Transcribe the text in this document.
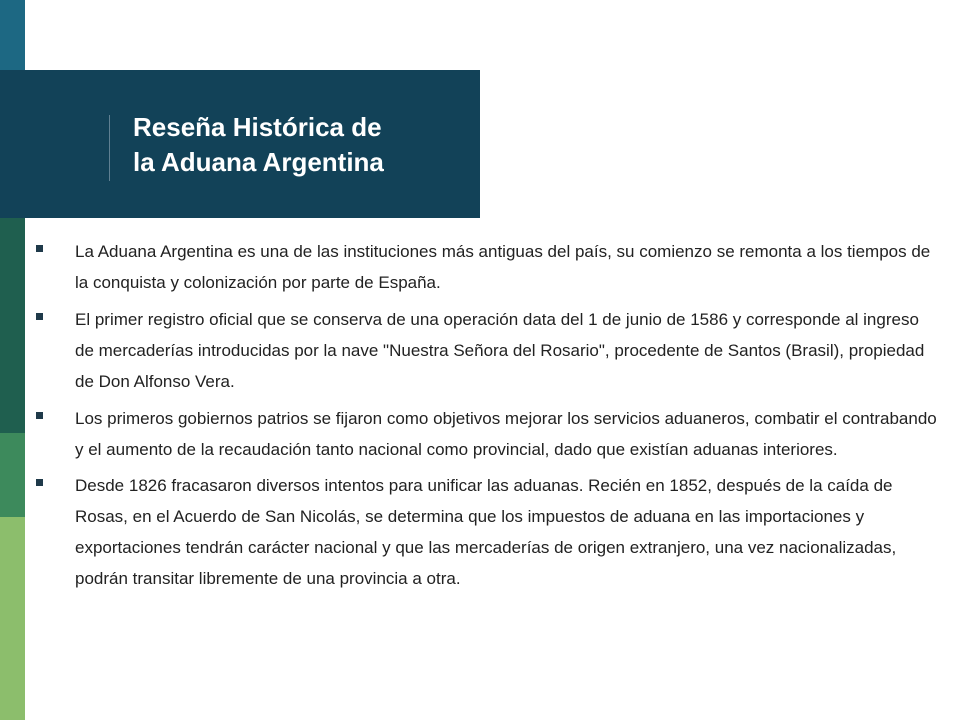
Reseña Histórica de
la Aduana Argentina
La Aduana Argentina es una de las instituciones más antiguas del país, su comienzo se remonta a los tiempos de la conquista y colonización por parte de España.
El primer registro oficial que se conserva de una operación data del 1 de junio de 1586 y corresponde al ingreso de mercaderías introducidas por la nave "Nuestra Señora del Rosario", procedente de Santos (Brasil), propiedad de Don Alfonso Vera.
Los primeros gobiernos patrios se fijaron como objetivos mejorar los servicios aduaneros, combatir el contrabando y el aumento de la recaudación tanto nacional como provincial, dado que existían aduanas interiores.
Desde 1826 fracasaron diversos intentos para unificar las aduanas. Recién en 1852, después de la caída de Rosas, en el Acuerdo de San Nicolás, se determina que los impuestos de aduana en las importaciones y exportaciones tendrán carácter nacional y que las mercaderías de origen extranjero, una vez nacionalizadas, podrán transitar libremente de una provincia a otra.
